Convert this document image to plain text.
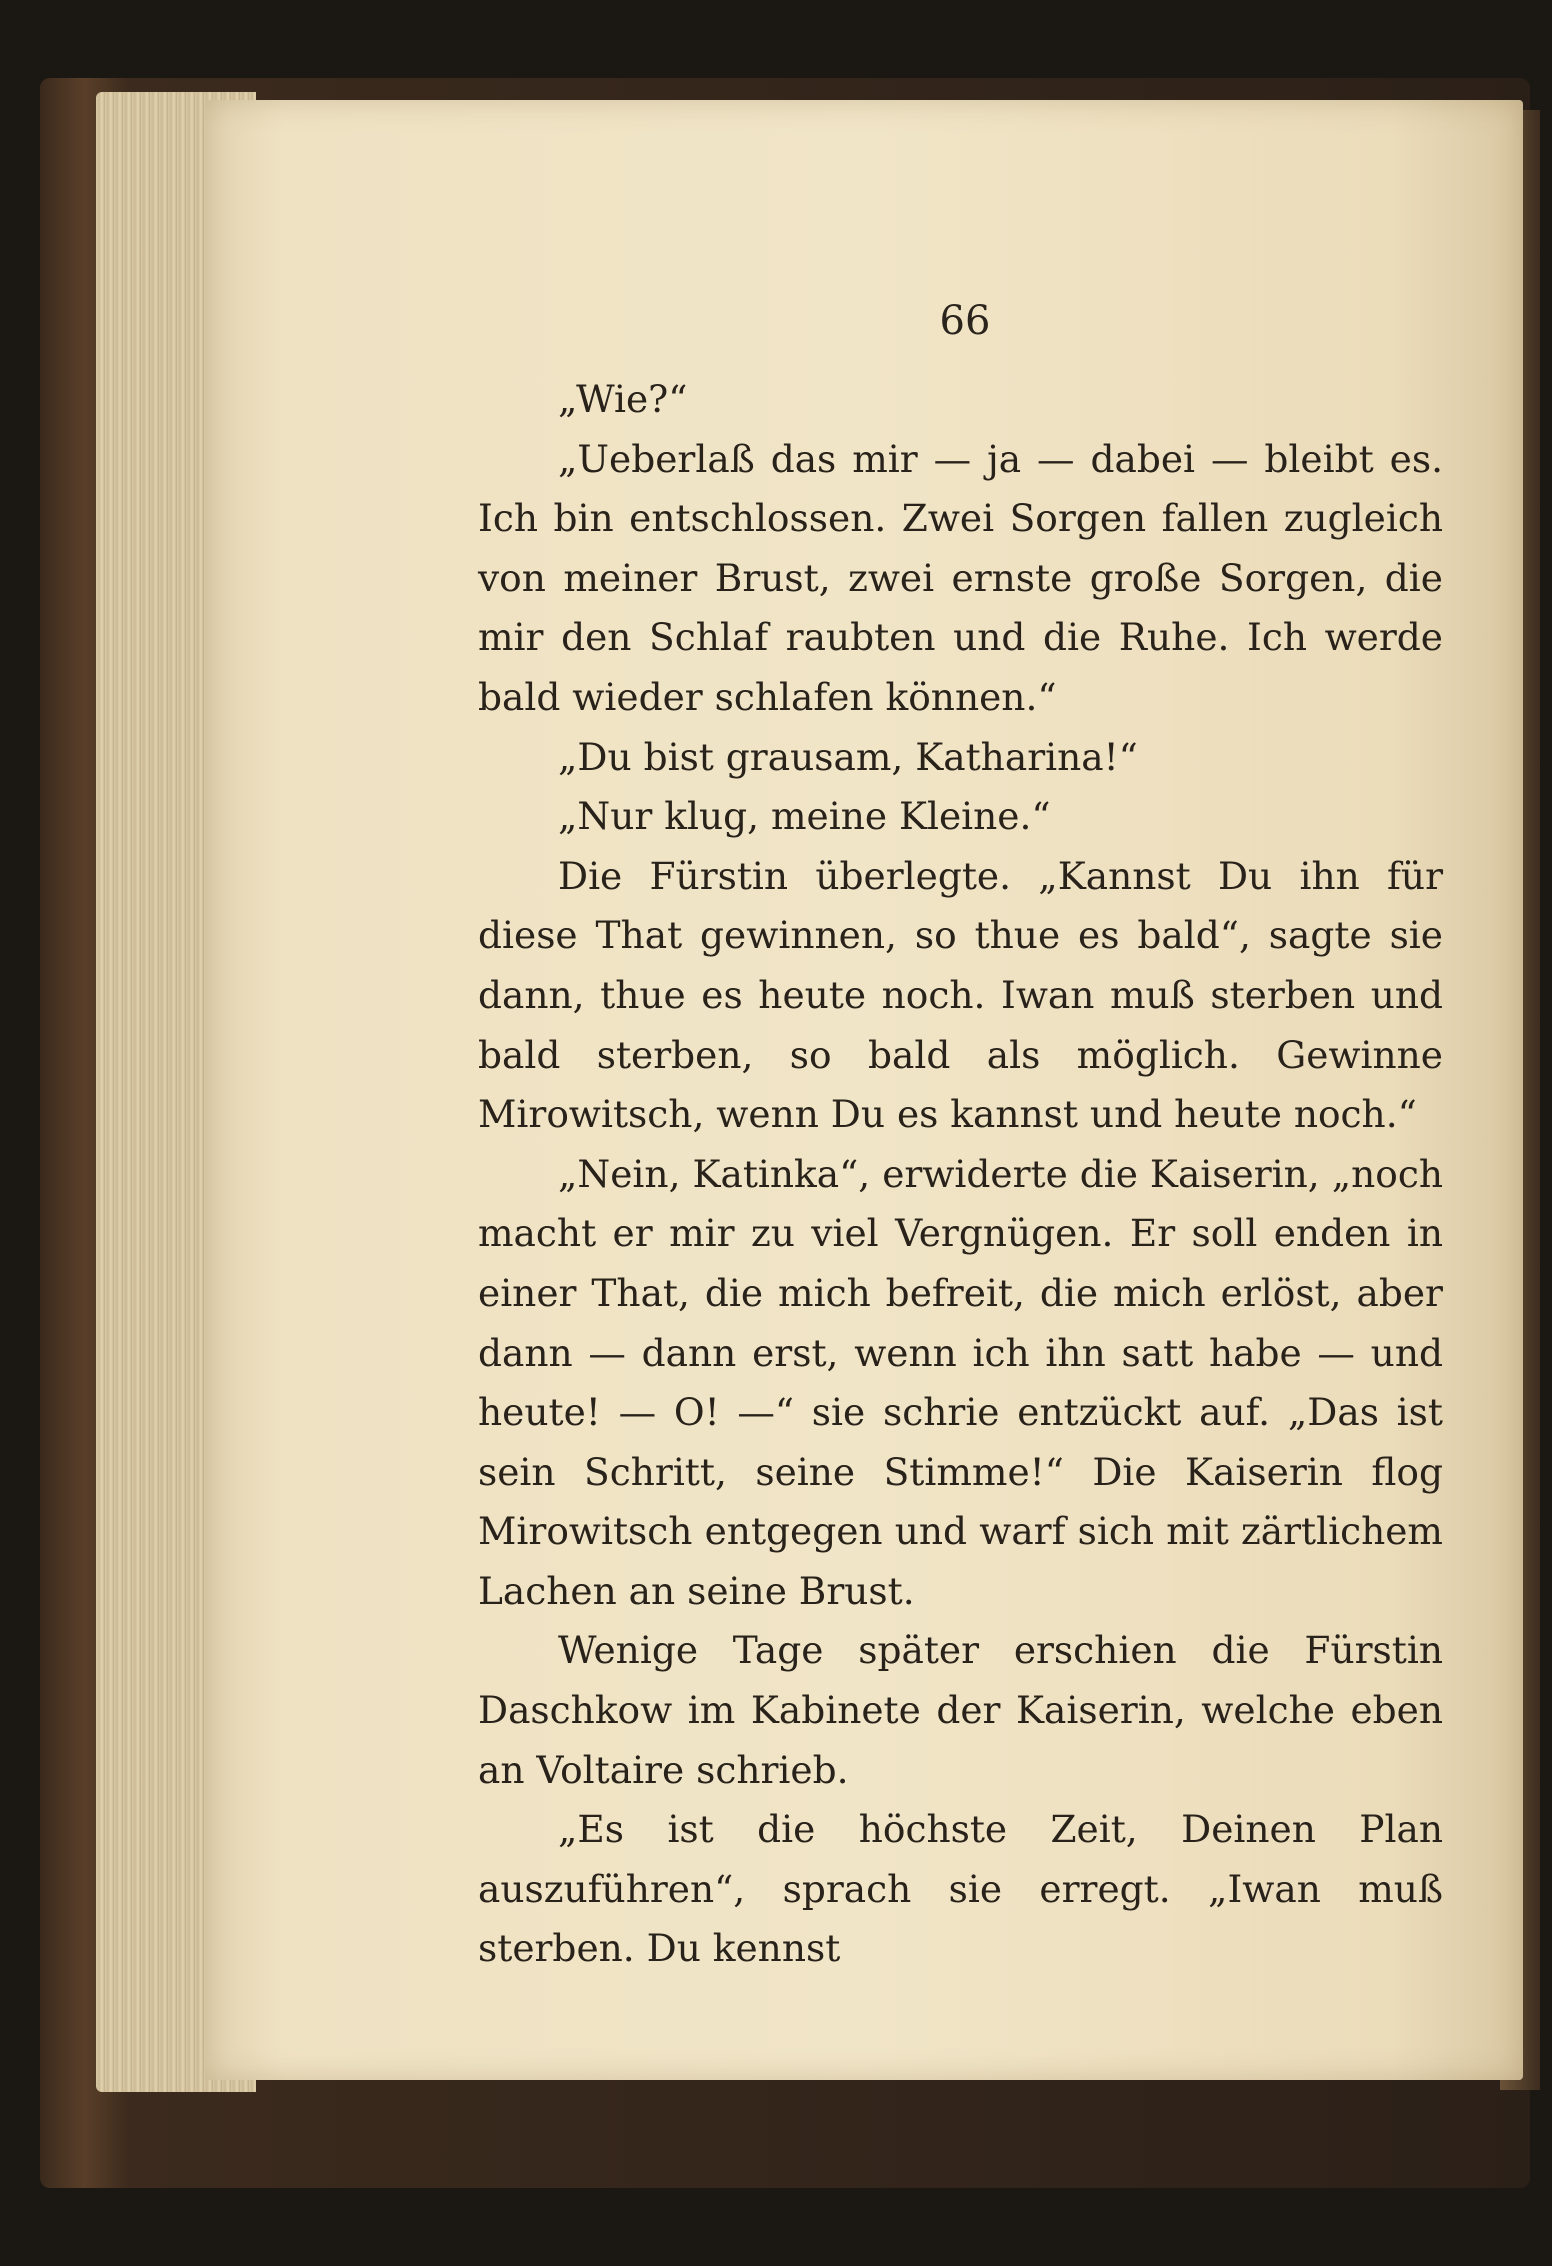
66

„Wie?“

„Ueberlaß das mir — ja — dabei — bleibt es. Ich bin entschlossen. Zwei Sorgen fallen zugleich von meiner Brust, zwei ernste große Sorgen, die mir den Schlaf raubten und die Ruhe. Ich werde bald wieder schlafen können.“

„Du bist grausam, Katharina!“

„Nur klug, meine Kleine.“

Die Fürstin überlegte. „Kannst Du ihn für diese That gewinnen, so thue es bald“, sagte sie dann, thue es heute noch. Iwan muß sterben und bald sterben, so bald als möglich. Gewinne Mirowitsch, wenn Du es kannst und heute noch.“

„Nein, Katinka“, erwiderte die Kaiserin, „noch macht er mir zu viel Vergnügen. Er soll enden in einer That, die mich befreit, die mich erlöst, aber dann — dann erst, wenn ich ihn satt habe — und heute! — O! —“ sie schrie entzückt auf. „Das ist sein Schritt, seine Stimme!“ Die Kaiserin flog Mirowitsch entgegen und warf sich mit zärtlichem Lachen an seine Brust.

Wenige Tage später erschien die Fürstin Daschkow im Kabinete der Kaiserin, welche eben an Voltaire schrieb.

„Es ist die höchste Zeit, Deinen Plan auszuführen“, sprach sie erregt. „Iwan muß sterben. Du kennst
